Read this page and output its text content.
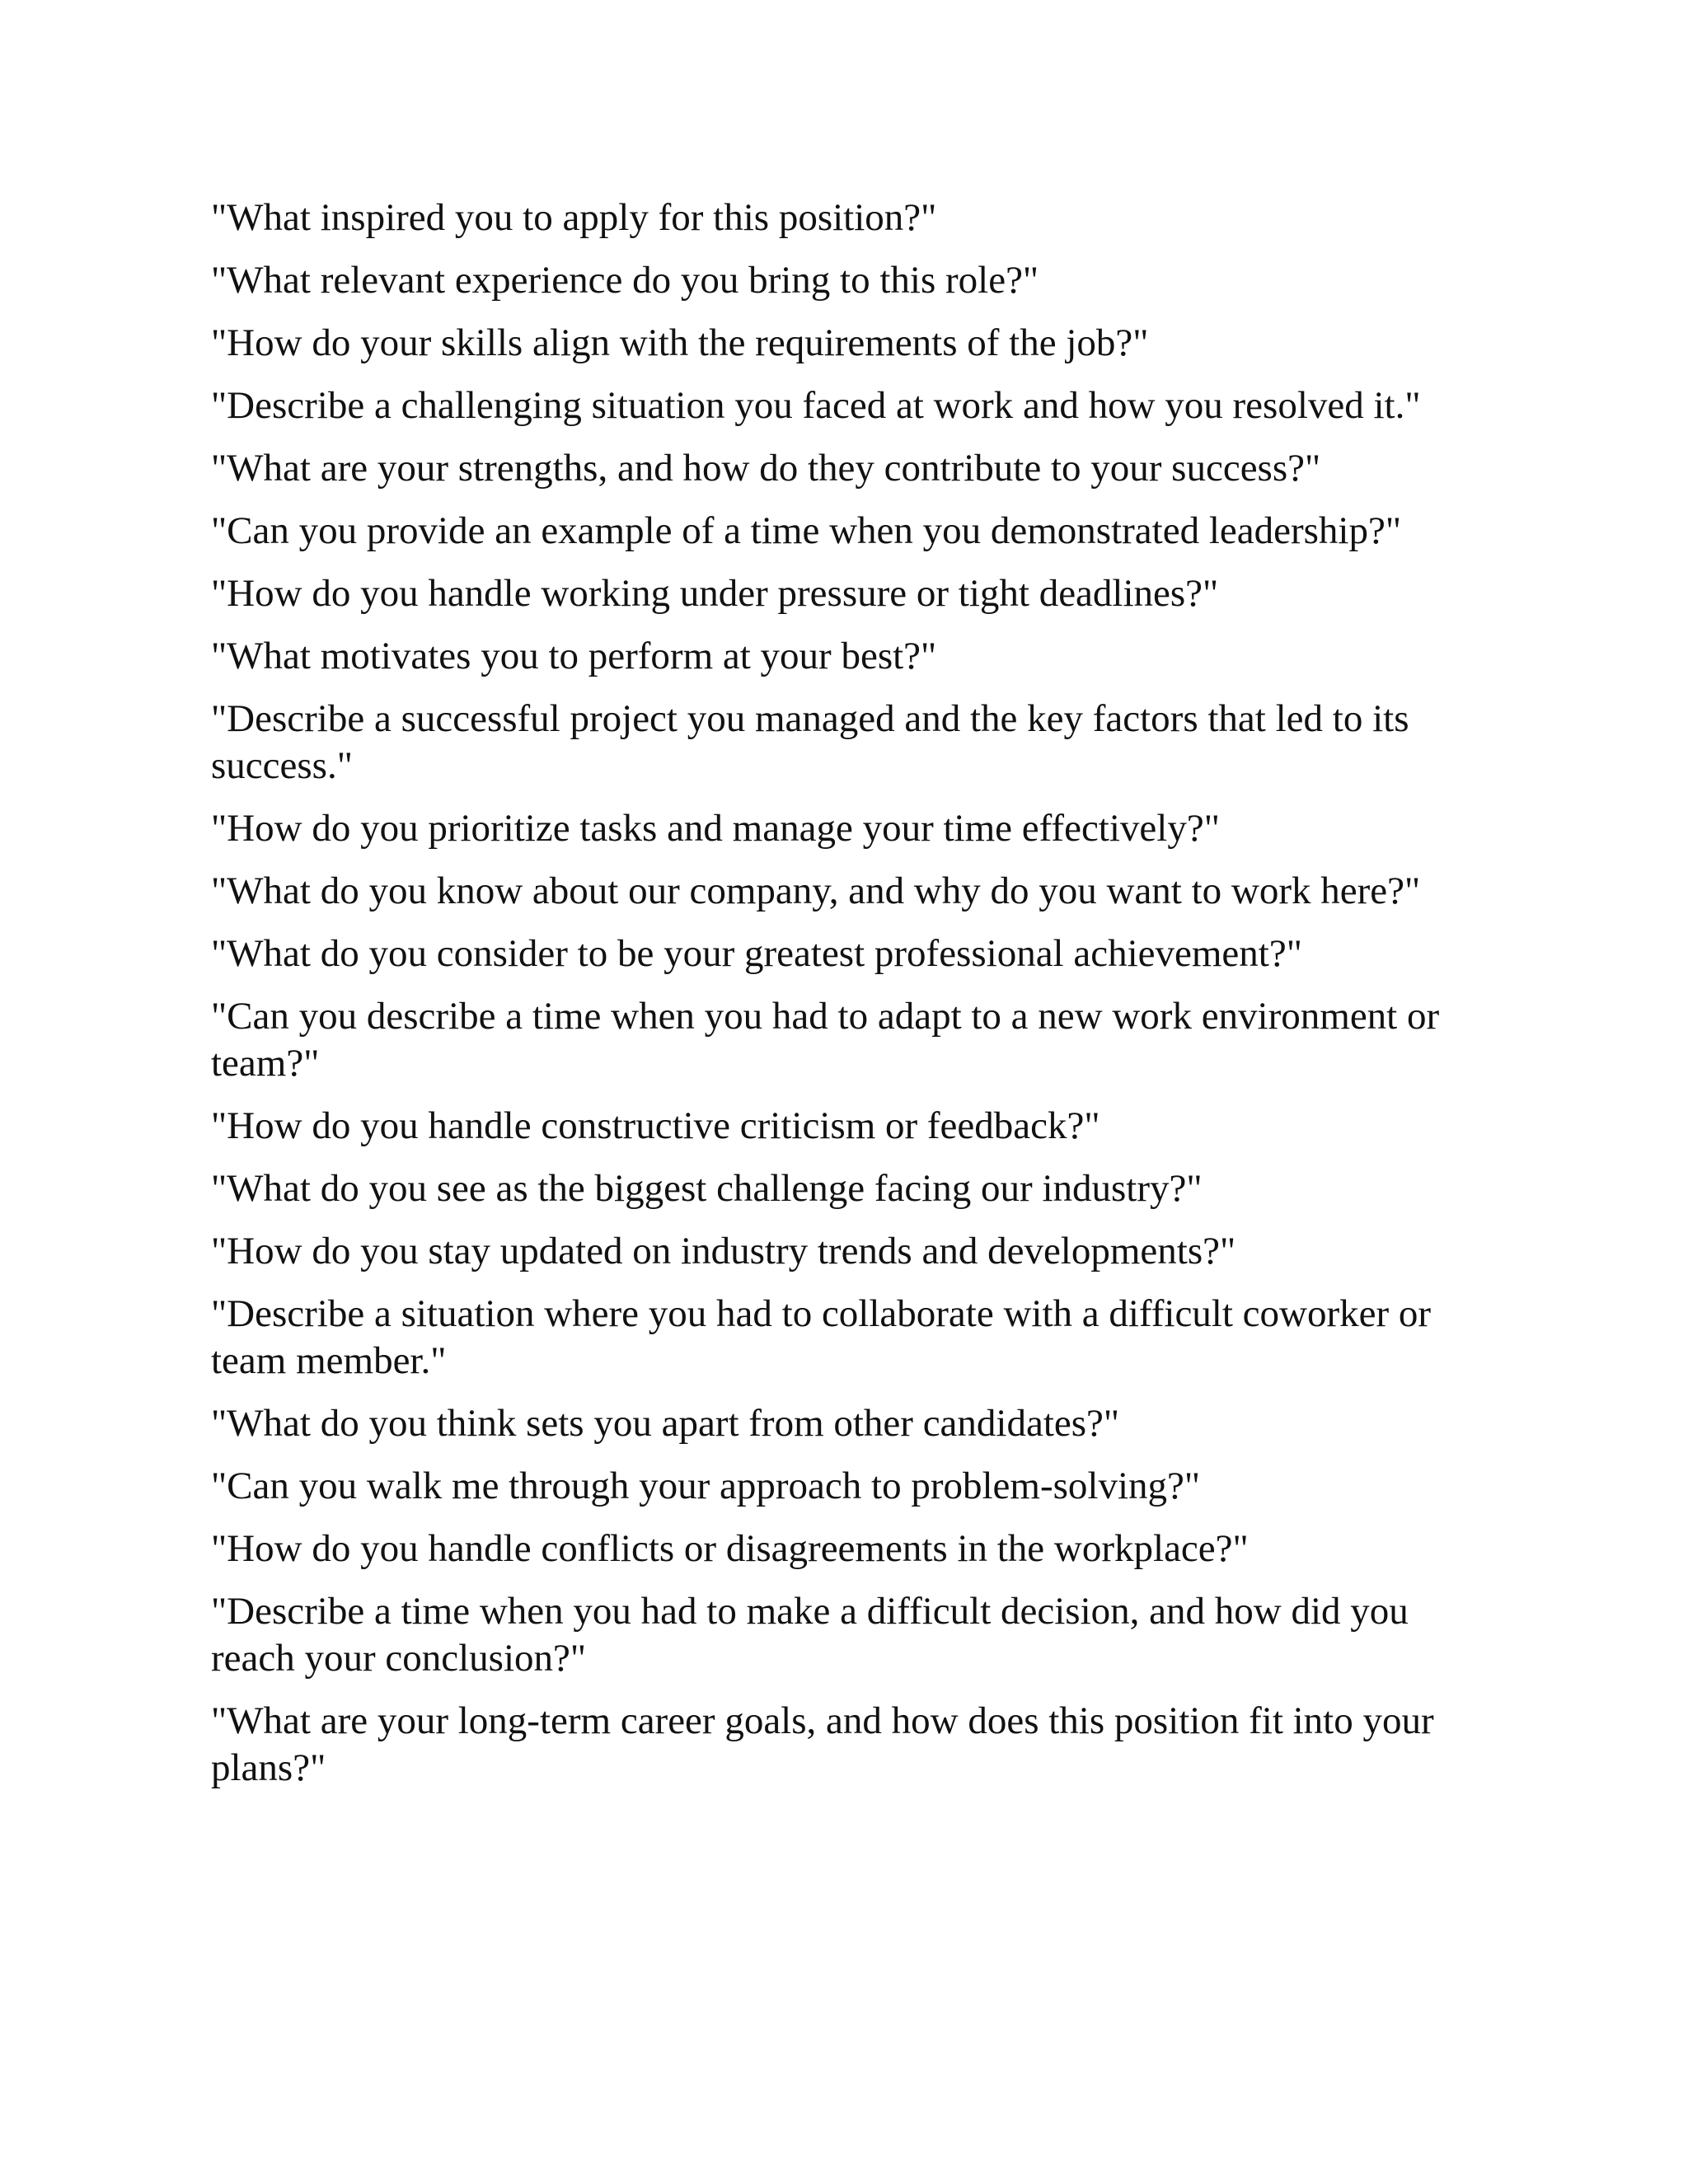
"What inspired you to apply for this position?"
"What relevant experience do you bring to this role?"
"How do your skills align with the requirements of the job?"
"Describe a challenging situation you faced at work and how you resolved it."
"What are your strengths, and how do they contribute to your success?"
"Can you provide an example of a time when you demonstrated leadership?"
"How do you handle working under pressure or tight deadlines?"
"What motivates you to perform at your best?"
"Describe a successful project you managed and the key factors that led to its success."
"How do you prioritize tasks and manage your time effectively?"
"What do you know about our company, and why do you want to work here?"
"What do you consider to be your greatest professional achievement?"
"Can you describe a time when you had to adapt to a new work environment or team?"
"How do you handle constructive criticism or feedback?"
"What do you see as the biggest challenge facing our industry?"
"How do you stay updated on industry trends and developments?"
"Describe a situation where you had to collaborate with a difficult coworker or team member."
"What do you think sets you apart from other candidates?"
"Can you walk me through your approach to problem-solving?"
"How do you handle conflicts or disagreements in the workplace?"
"Describe a time when you had to make a difficult decision, and how did you reach your conclusion?"
"What are your long-term career goals, and how does this position fit into your plans?"
